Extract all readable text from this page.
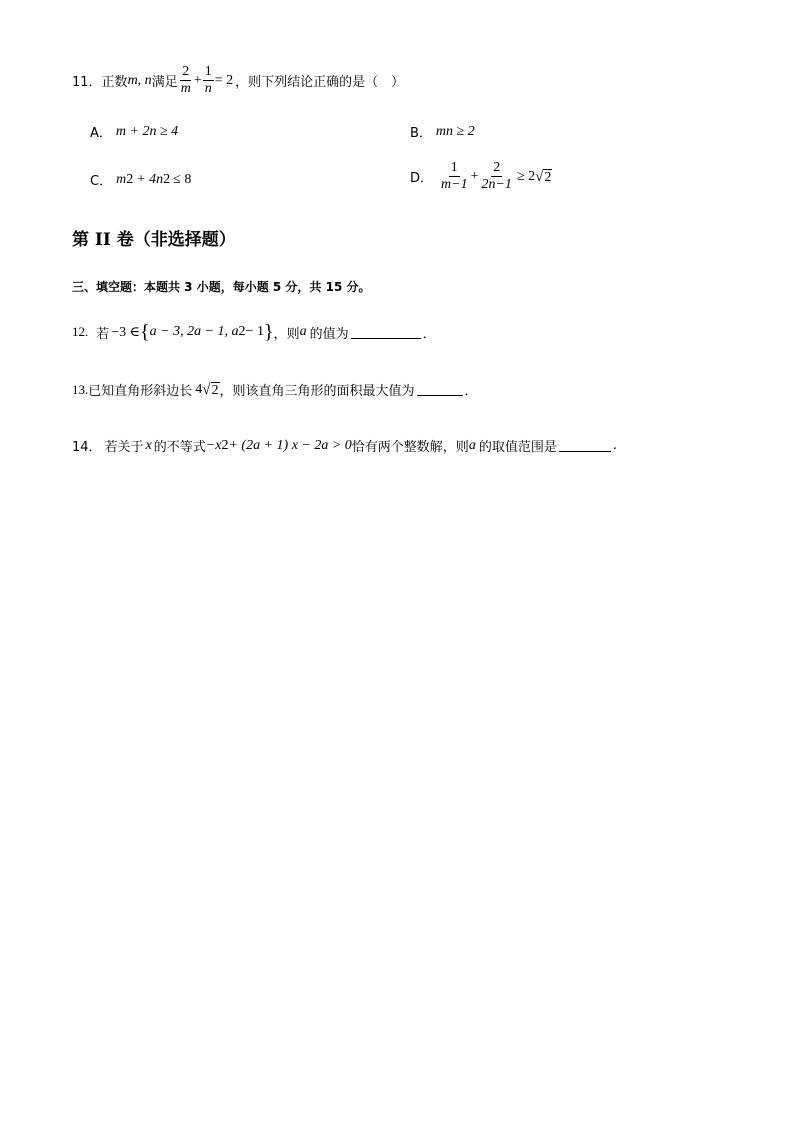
11． 正数 m, n 满足 $\frac{2}{m} + \frac{1}{n} = 2$ ，则下列结论正确的是（　）
A． m + 2n ≥ 4	B． mn ≥ 2
C． m 2 + 4n 2 ≤ 8	D． $\frac{1}{m-1} + \frac{2}{2n-1} \ge 2$ √ 2
第 II 卷（非选择题）
三、填空题：本题共 3 小题，每小题 5 分，共 15 分。
12. 若 −3 ∈ { a − 3, 2a − 1, a 2 − 1 } ，则 a 的值为	．
13. 已知直角形斜边长 4 √ 2 ，则该直角三角形的面积最大值为	．
14． 若关于 x 的不等式 −x 2 + (2a + 1) x − 2a > 0 恰有两个整数解，则 a 的取值范围是	.
